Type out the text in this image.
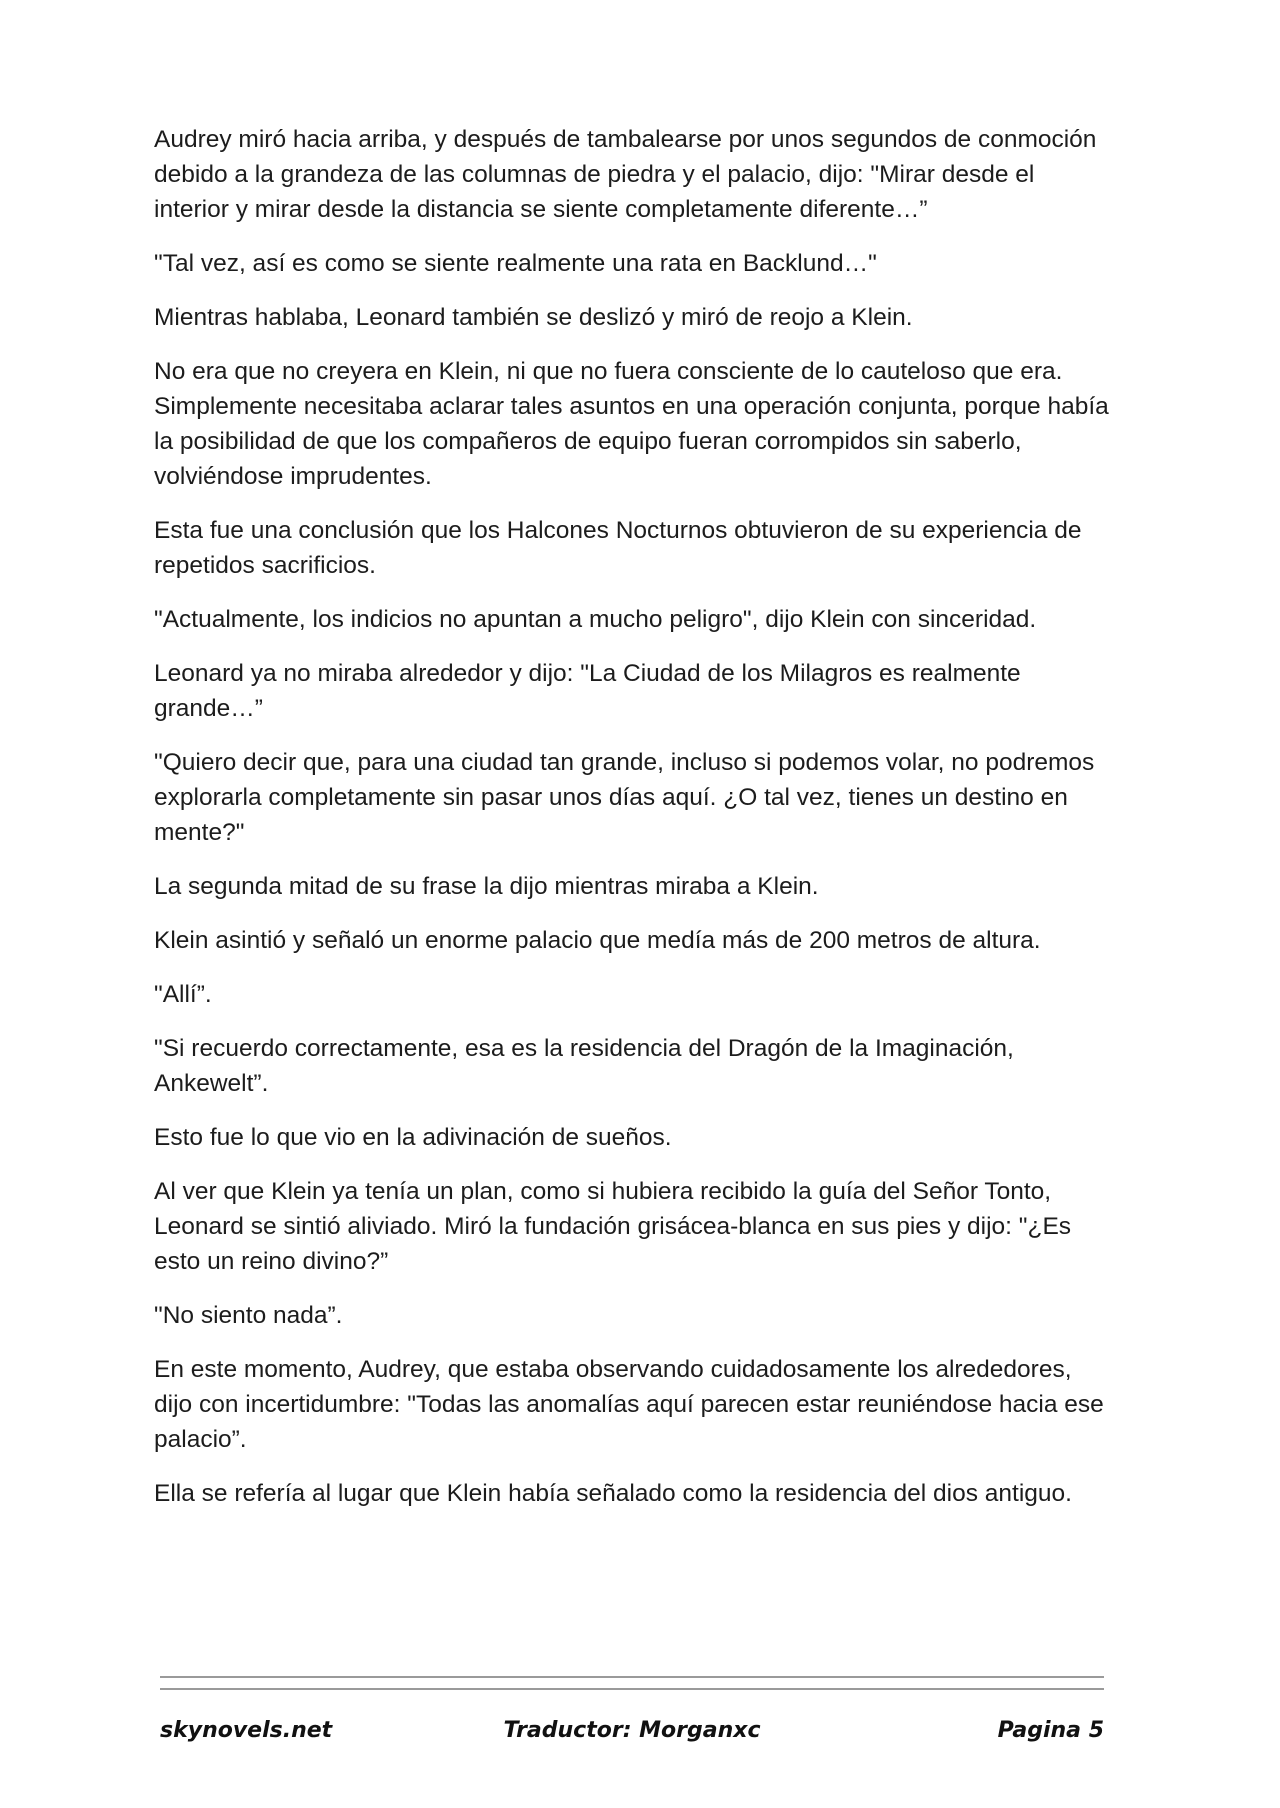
Audrey miró hacia arriba, y después de tambalearse por unos segundos de conmoción debido a la grandeza de las columnas de piedra y el palacio, dijo: "Mirar desde el interior y mirar desde la distancia se siente completamente diferente…”

"Tal vez, así es como se siente realmente una rata en Backlund…"

Mientras hablaba, Leonard también se deslizó y miró de reojo a Klein.

No era que no creyera en Klein, ni que no fuera consciente de lo cauteloso que era. Simplemente necesitaba aclarar tales asuntos en una operación conjunta, porque había la posibilidad de que los compañeros de equipo fueran corrompidos sin saberlo, volviéndose imprudentes.

Esta fue una conclusión que los Halcones Nocturnos obtuvieron de su experiencia de repetidos sacrificios.

"Actualmente, los indicios no apuntan a mucho peligro", dijo Klein con sinceridad.

Leonard ya no miraba alrededor y dijo: "La Ciudad de los Milagros es realmente grande…”

"Quiero decir que, para una ciudad tan grande, incluso si podemos volar, no podremos explorarla completamente sin pasar unos días aquí. ¿O tal vez, tienes un destino en mente?"

La segunda mitad de su frase la dijo mientras miraba a Klein.

Klein asintió y señaló un enorme palacio que medía más de 200 metros de altura.

"Allí”.

"Si recuerdo correctamente, esa es la residencia del Dragón de la Imaginación, Ankewelt”.

Esto fue lo que vio en la adivinación de sueños.

Al ver que Klein ya tenía un plan, como si hubiera recibido la guía del Señor Tonto, Leonard se sintió aliviado. Miró la fundación grisácea-blanca en sus pies y dijo: "¿Es esto un reino divino?”

"No siento nada”.

En este momento, Audrey, que estaba observando cuidadosamente los alrededores, dijo con incertidumbre: "Todas las anomalías aquí parecen estar reuniéndose hacia ese palacio”.

Ella se refería al lugar que Klein había señalado como la residencia del dios antiguo.

skynovels.net	Traductor: Morganxc	Pagina 5
